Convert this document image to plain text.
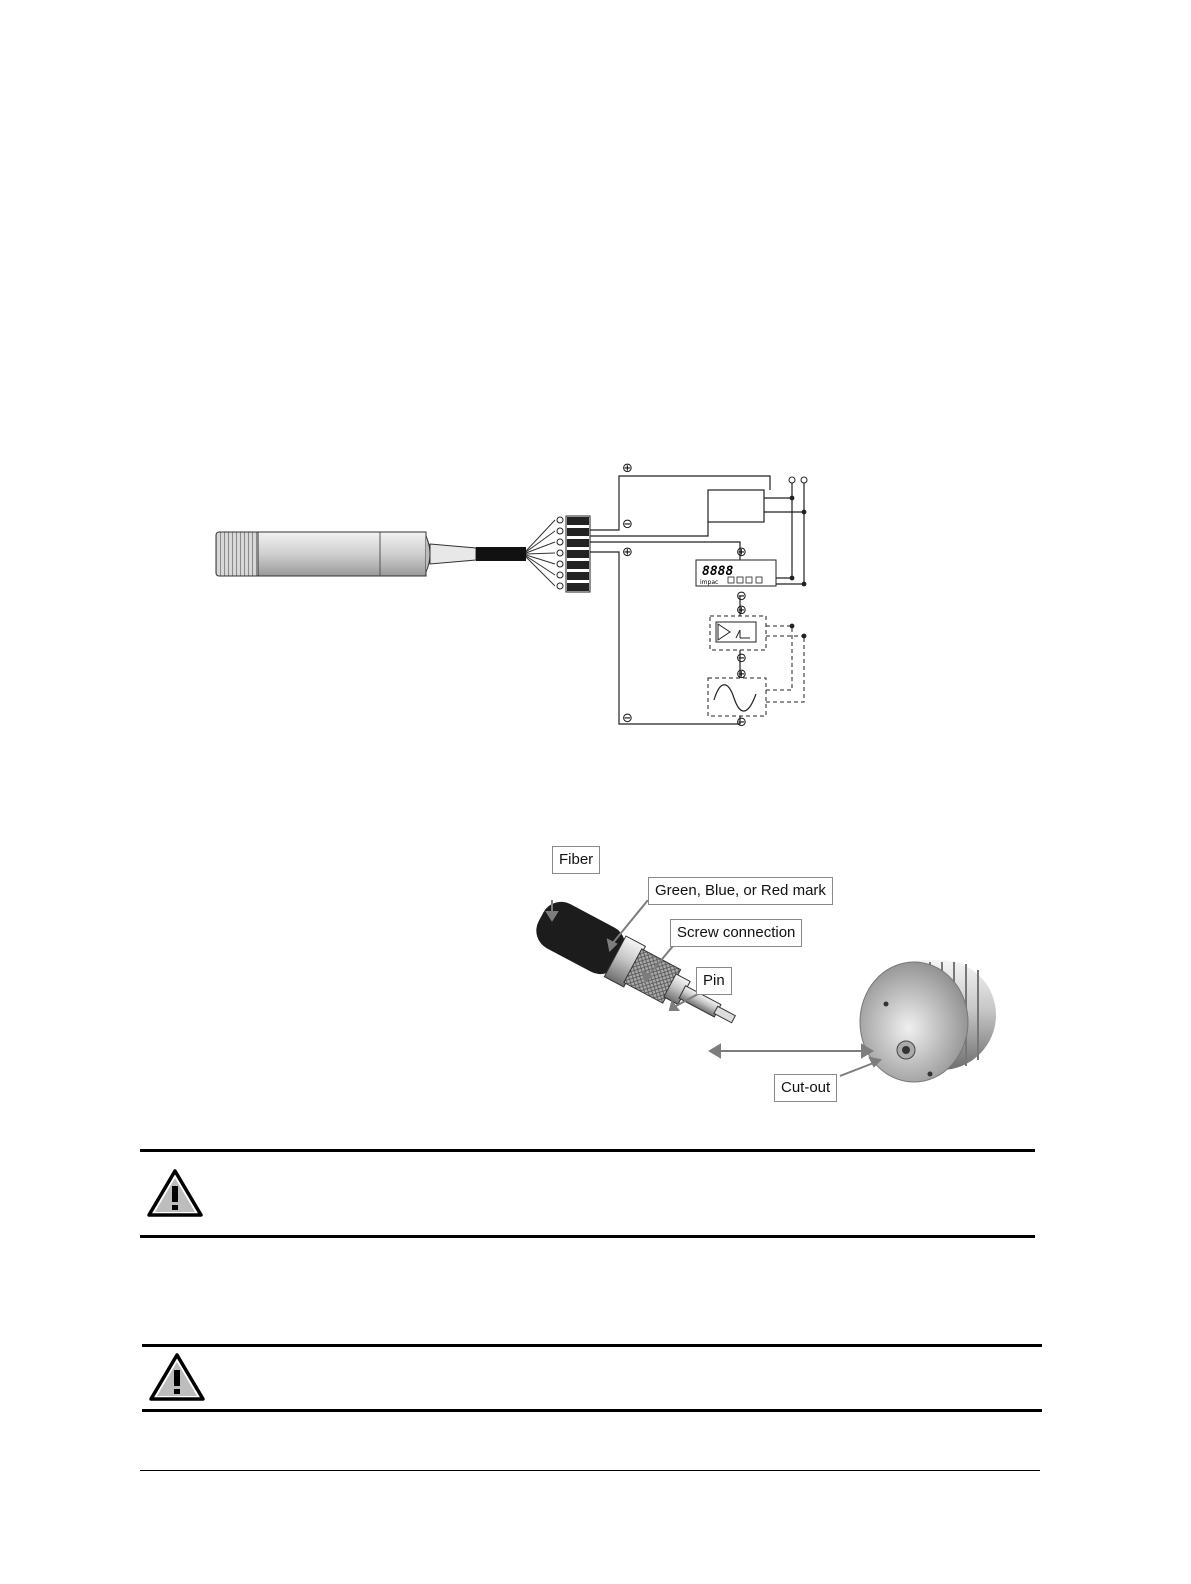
8888
impac
⊕
⊖
⊕	⊕
⊖
⊕
⊖
⊕
⊖	⊖
Fiber
Green, Blue, or Red mark
Screw connection
Pin
Cut-out
